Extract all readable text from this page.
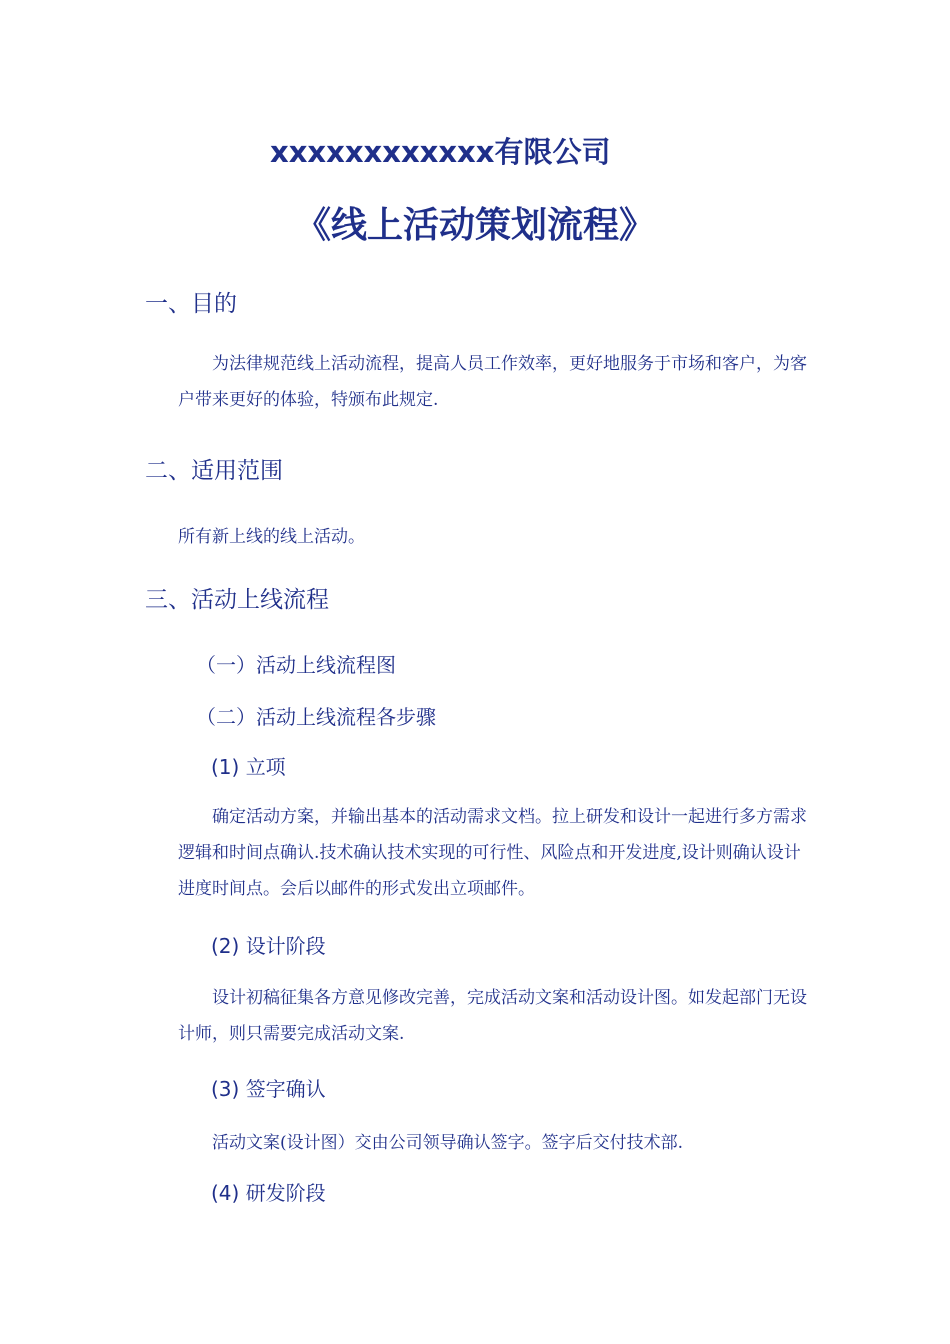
xxxxxxxxxxxx有限公司
《线上活动策划流程》
一、目的

为法律规范线上活动流程，提高人员工作效率，更好地服务于市场和客户，为客户带来更好的体验，特颁布此规定.

二、适用范围
所有新上线的线上活动。
三、活动上线流程
（一）活动上线流程图
（二）活动上线流程各步骤
(1) 立项

确定活动方案，并输出基本的活动需求文档。拉上研发和设计一起进行多方需求逻辑和时间点确认.技术确认技术实现的可行性、风险点和开发进度,设计则确认设计进度时间点。会后以邮件的形式发出立项邮件。

(2) 设计阶段

设计初稿征集各方意见修改完善，完成活动文案和活动设计图。如发起部门无设计师，则只需要完成活动文案.

(3) 签字确认
活动文案(设计图）交由公司领导确认签字。签字后交付技术部.
(4) 研发阶段
